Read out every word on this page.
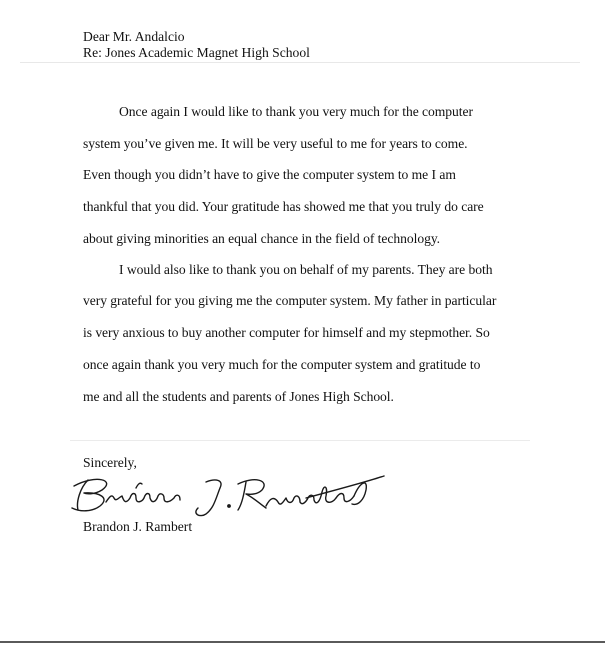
Dear Mr. Andalcio
Re: Jones Academic Magnet High School
Once again I would like to thank you very much for the computer
system you’ve given me. It will be very useful to me for years to come.
Even though you didn’t have to give the computer system to me I am
thankful that you did. Your gratitude has showed me that you truly do care
about giving minorities an equal chance in the field of technology.
I would also like to thank you on behalf of my parents. They are both
very grateful for you giving me the computer system. My father in particular
is very anxious to buy another computer for himself and my stepmother. So
once again thank you very much for the computer system and gratitude to
me and all the students and parents of Jones High School.
Sincerely,
Brandon J. Rambert
